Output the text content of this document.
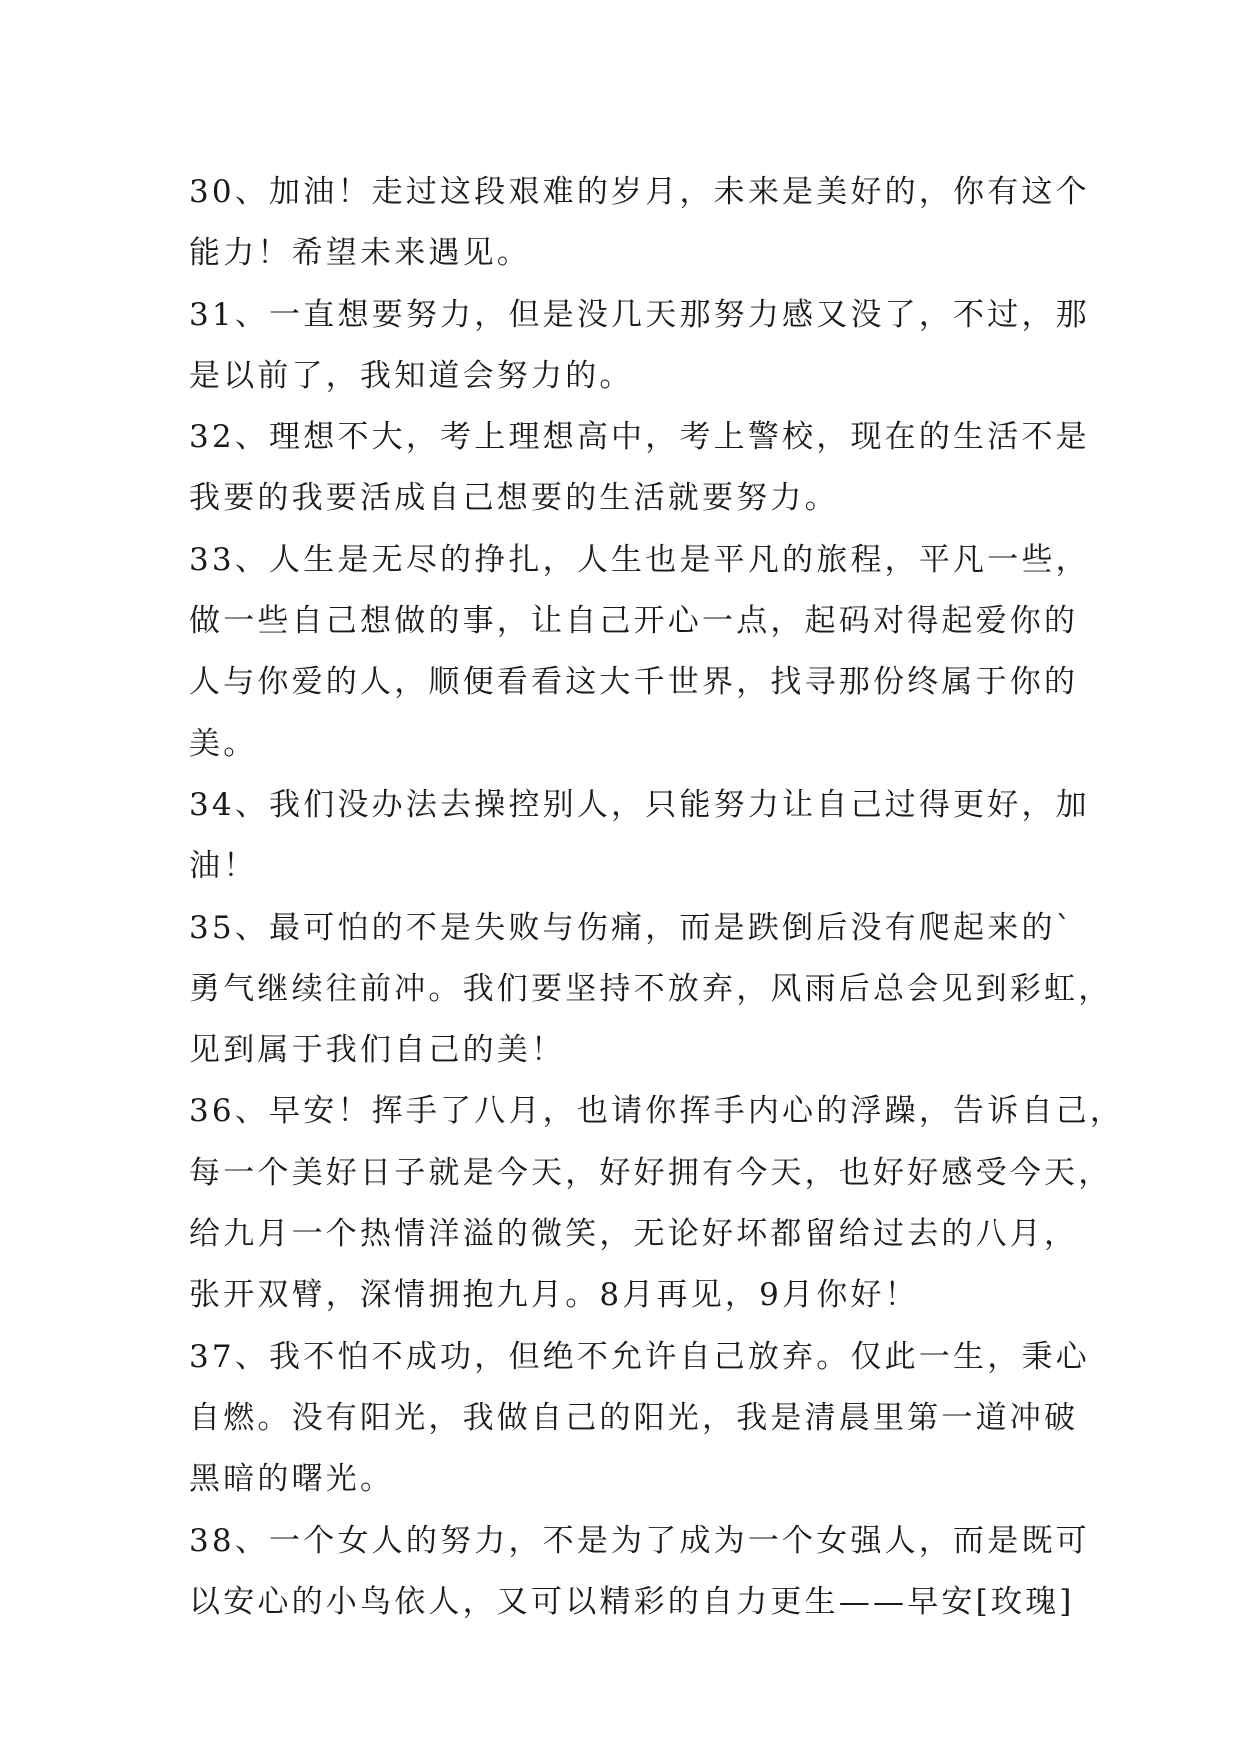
30、加油！走过这段艰难的岁月，未来是美好的，你有这个
能力！希望未来遇见。
31、一直想要努力，但是没几天那努力感又没了，不过，那
是以前了，我知道会努力的。
32、理想不大，考上理想高中，考上警校，现在的生活不是
我要的我要活成自己想要的生活就要努力。
33、人生是无尽的挣扎，人生也是平凡的旅程，平凡一些，
做一些自己想做的事，让自己开心一点，起码对得起爱你的
人与你爱的人，顺便看看这大千世界，找寻那份终属于你的
美。
34、我们没办法去操控别人，只能努力让自己过得更好，加
油！
35、最可怕的不是失败与伤痛，而是跌倒后没有爬起来的`
勇气继续往前冲。我们要坚持不放弃，风雨后总会见到彩虹，
见到属于我们自己的美！
36、早安！挥手了八月，也请你挥手内心的浮躁，告诉自己，
每一个美好日子就是今天，好好拥有今天，也好好感受今天，
给九月一个热情洋溢的微笑，无论好坏都留给过去的八月，
张开双臂，深情拥抱九月。8月再见，9月你好！
37、我不怕不成功，但绝不允许自己放弃。仅此一生，秉心
自燃。没有阳光，我做自己的阳光，我是清晨里第一道冲破
黑暗的曙光。
38、一个女人的努力，不是为了成为一个女强人，而是既可
以安心的小鸟依人，又可以精彩的自力更生——早安[玫瑰]
